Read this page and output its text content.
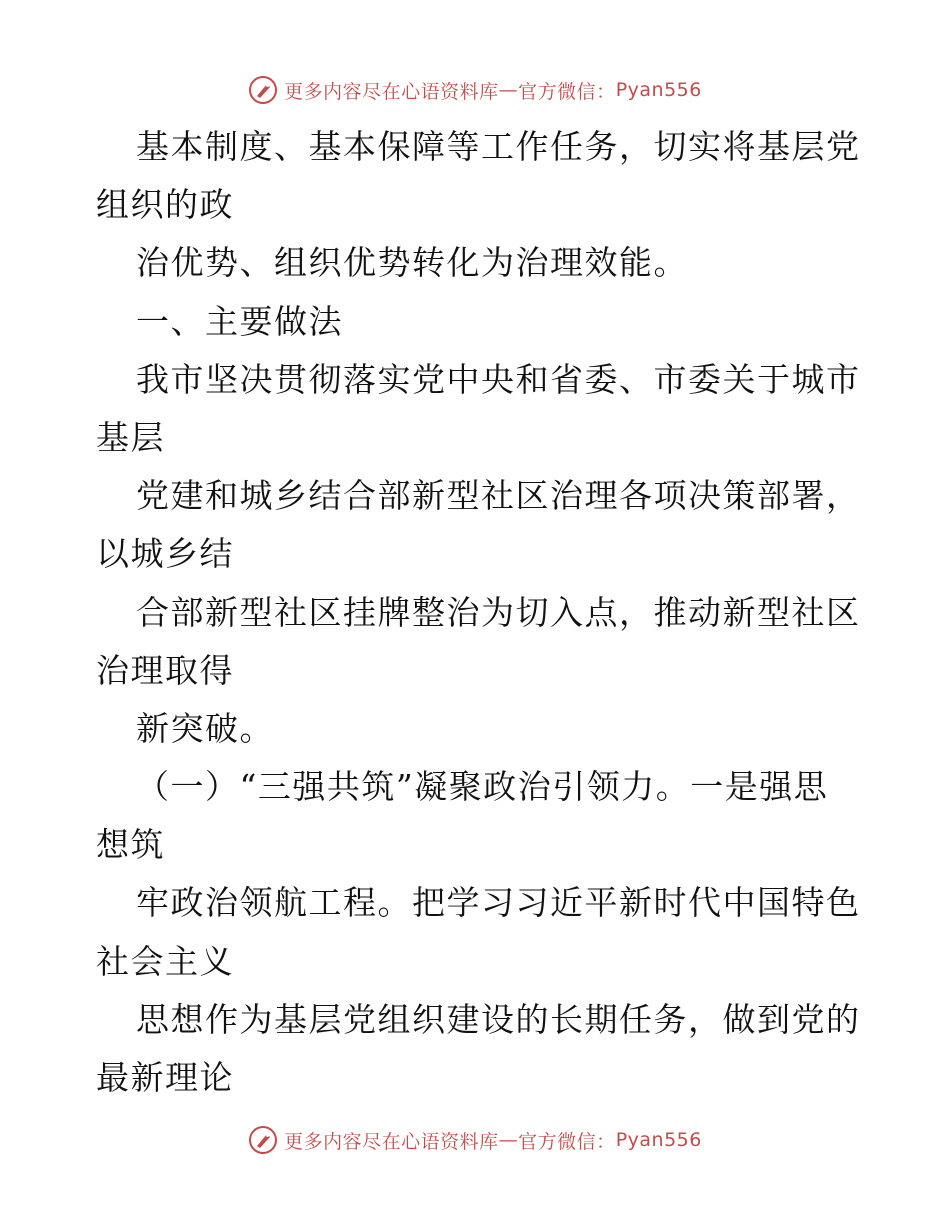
更多内容尽在心语资料库 — 官方微信： Pyan556
基本制度、基本保障等工作任务，切实将基层党
组织的政
治优势、组织优势转化为治理效能。
一、主要做法
我市坚决贯彻落实党中央和省委、市委关于城市
基层
党建和城乡结合部新型社区治理各项决策部署，
以城乡结
合部新型社区挂牌整治为切入点，推动新型社区
治理取得
新突破。
（一）“三强共筑”凝聚政治引领力。一是强思
想筑
牢政治领航工程。把学习习近平新时代中国特色
社会主义
思想作为基层党组织建设的长期任务，做到党的
最新理论
更多内容尽在心语资料库 — 官方微信： Pyan556
